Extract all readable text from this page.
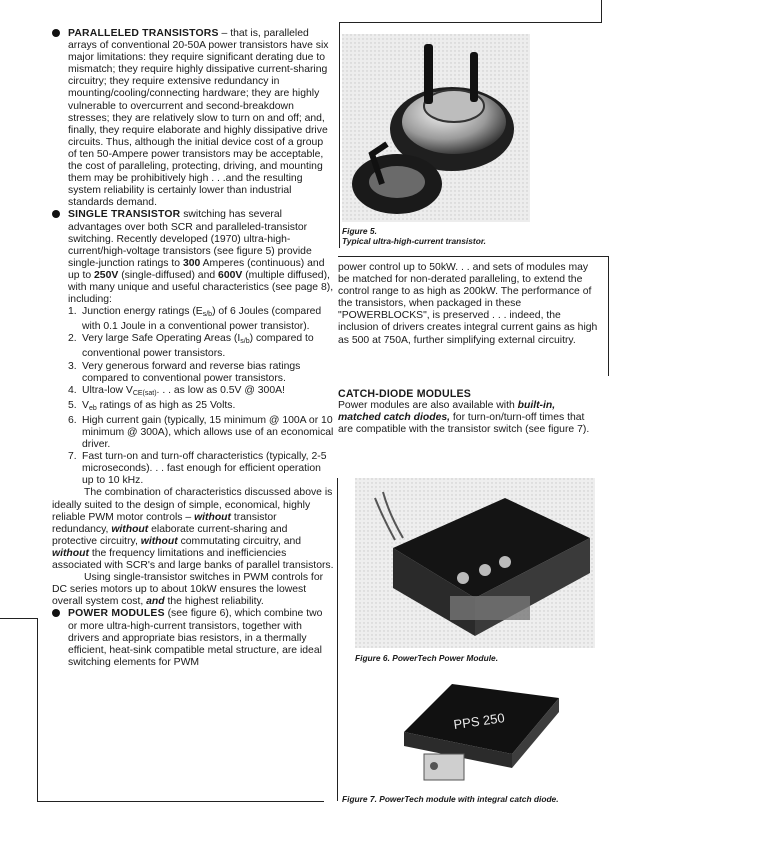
PARALLELED TRANSISTORS – that is, paralleled arrays of conventional 20-50A power transistors have six major limitations: they require significant derating due to mismatch; they require highly dissipative current-sharing circuitry; they require extensive redundancy in mounting/cooling/connecting hardware; they are highly vulnerable to overcurrent and second-breakdown stresses; they are relatively slow to turn on and off; and, finally, they require elaborate and highly dissipative drive circuits. Thus, although the initial device cost of a group of ten 50-Ampere power transistors may be acceptable, the cost of paralleling, protecting, driving, and mounting them may be prohibitively high . . .and the resulting system reliability is certainly lower than industrial standards demand.

SINGLE TRANSISTOR switching has several advantages over both SCR and paralleled-transistor switching. Recently developed (1970) ultra-high-current/high-voltage transistors (see figure 5) provide single-junction ratings to 300 Amperes (continuous) and up to 250V (single-diffused) and 600V (multiple diffused), with many unique and useful characteristics (see page 8), including:

1. Junction energy ratings $(E_{s/b})$ of 6 Joules (compared with 0.1 Joule in a conventional power transistor).
2. Very large Safe Operating Areas $(I_{s/b})$ compared to conventional power transistors.
3. Very generous forward and reverse bias ratings compared to conventional power transistors.
4. Ultra-low $V_{CE(sat)}$. . . as low as 0.5V @ 300A!
5. $V_{eb}$ ratings of as high as 25 Volts.
6. High current gain (typically, 15 minimum @ 100A or 10 minimum @ 300A), which allows use of an economical driver.
7. Fast turn-on and turn-off characteristics (typically, 2-5 microseconds). . . fast enough for efficient operation up to 10 kHz.

The combination of characteristics discussed above is ideally suited to the design of simple, economical, highly reliable PWM motor controls – without transistor redundancy, without elaborate current-sharing and protective circuitry, without commutating circuitry, and without the frequency limitations and inefficiencies associated with SCR's and large banks of parallel transistors.

Using single-transistor switches in PWM controls for DC series motors up to about 10kW ensures the lowest overall system cost, and the highest reliability.

POWER MODULES (see figure 6), which combine two or more ultra-high-current transistors, together with drivers and appropriate bias resistors, in a thermally efficient, heat-sink compatible metal structure, are ideal switching elements for PWM

Figure 5.
Typical ultra-high-current transistor.

power control up to 50kW. . . and sets of modules may be matched for non-derated paralleling, to extend the control range to as high as 200kW. The performance of the transistors, when packaged in these "POWERBLOCKS", is preserved . . . indeed, the inclusion of drivers creates integral current gains as high as 500 at 750A, further simplifying external circuitry.

CATCH-DIODE MODULES

Power modules are also available with built-in, matched catch diodes, for turn-on/turn-off times that are compatible with the transistor switch (see figure 7).

Figure 6. PowerTech Power Module.
PPS 250
Figure 7. PowerTech module with integral catch diode.
